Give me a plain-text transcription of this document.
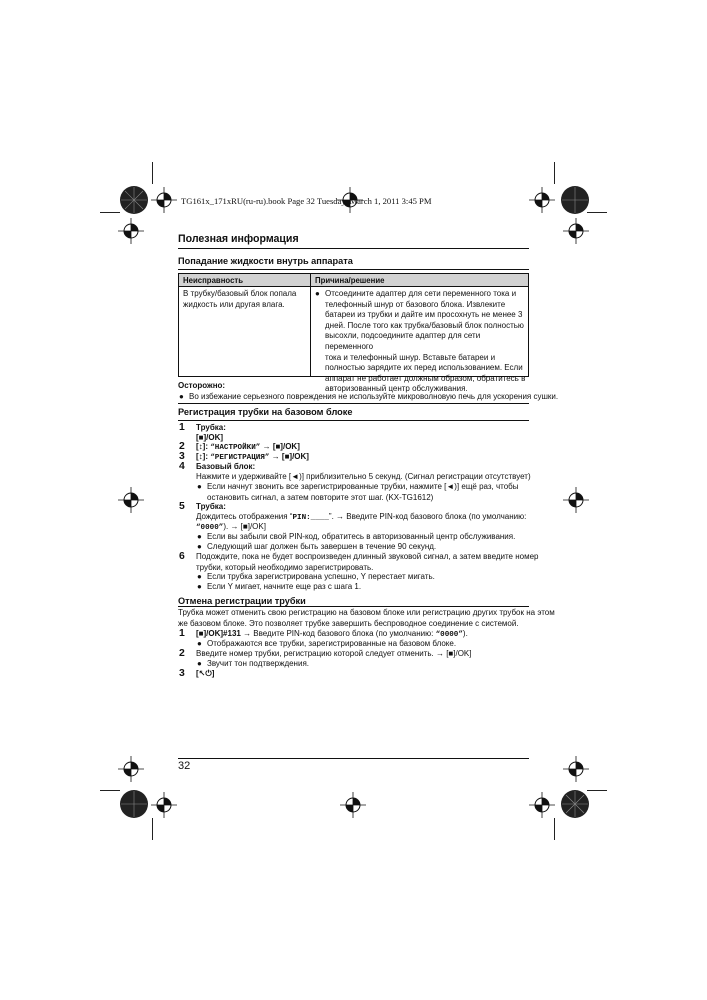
TG161x_171xRU(ru-ru).book Page 32 Tuesday, March 1, 2011 3:45 PM
Полезная информация
Попадание жидкости внутрь аппарата
Неисправность	Причина/решение
В трубку/базовый блок попала
жидкость или другая влага.
● Отсоедините адаптер для сети переменного тока и
телефонный шнур от базового блока. Извлеките
батареи из трубки и дайте им просохнуть не менее 3
дней. После того как трубка/базовый блок полностью
высохли, подсоедините адаптер для сети переменного
тока и телефонный шнур. Вставьте батареи и
полностью зарядите их перед использованием. Если
аппарат не работает должным образом, обратитесь в
авторизованный центр обслуживания.
Осторожно:
● Во избежание серьезного повреждения не используйте микроволновую печь для ускорения сушки.
Регистрация трубки на базовом блоке
1 Трубка:
[■]/OK]
2 [↕]: “НАСТРОЙКИ” → [■]/OK]
3 [↕]: “РЕГИСТРАЦИЯ” → [■]/OK]
4 Базовый блок:
Нажмите и удерживайте [◄)] приблизительно 5 секунд. (Сигнал регистрации отсутствует)
● Если начнут звонить все зарегистрированные трубки, нажмите [◄)] ещё раз, чтобы
остановить сигнал, а затем повторите этот шаг. (KX-TG1612)
5 Трубка:
Дождитесь отображения “PIN:____”. → Введите PIN-код базового блока (по умолчанию:
“0000”). → [■]/OK]
● Если вы забыли свой PIN-код, обратитесь в авторизованный центр обслуживания.
● Следующий шаг должен быть завершен в течение 90 секунд.
6 Подождите, пока не будет воспроизведен длинный звуковой сигнал, а затем введите номер
трубки, который необходимо зарегистрировать.
● Если трубка зарегистрирована успешно, Y перестает мигать.
● Если Y мигает, начните еще раз с шага 1.
Отмена регистрации трубки
Трубка может отменить свою регистрацию на базовом блоке или регистрацию других трубок на этом
же базовом блоке. Это позволяет трубке завершить беспроводное соединение с системой.
1 [■]/OK]#131 → Введите PIN-код базового блока (по умолчанию: “0000”).
● Отображаются все трубки, зарегистрированные на базовом блоке.
2 Введите номер трубки, регистрацию которой следует отменить. → [■]/OK]
● Звучит тон подтверждения.
3 [↖⏻]
32
